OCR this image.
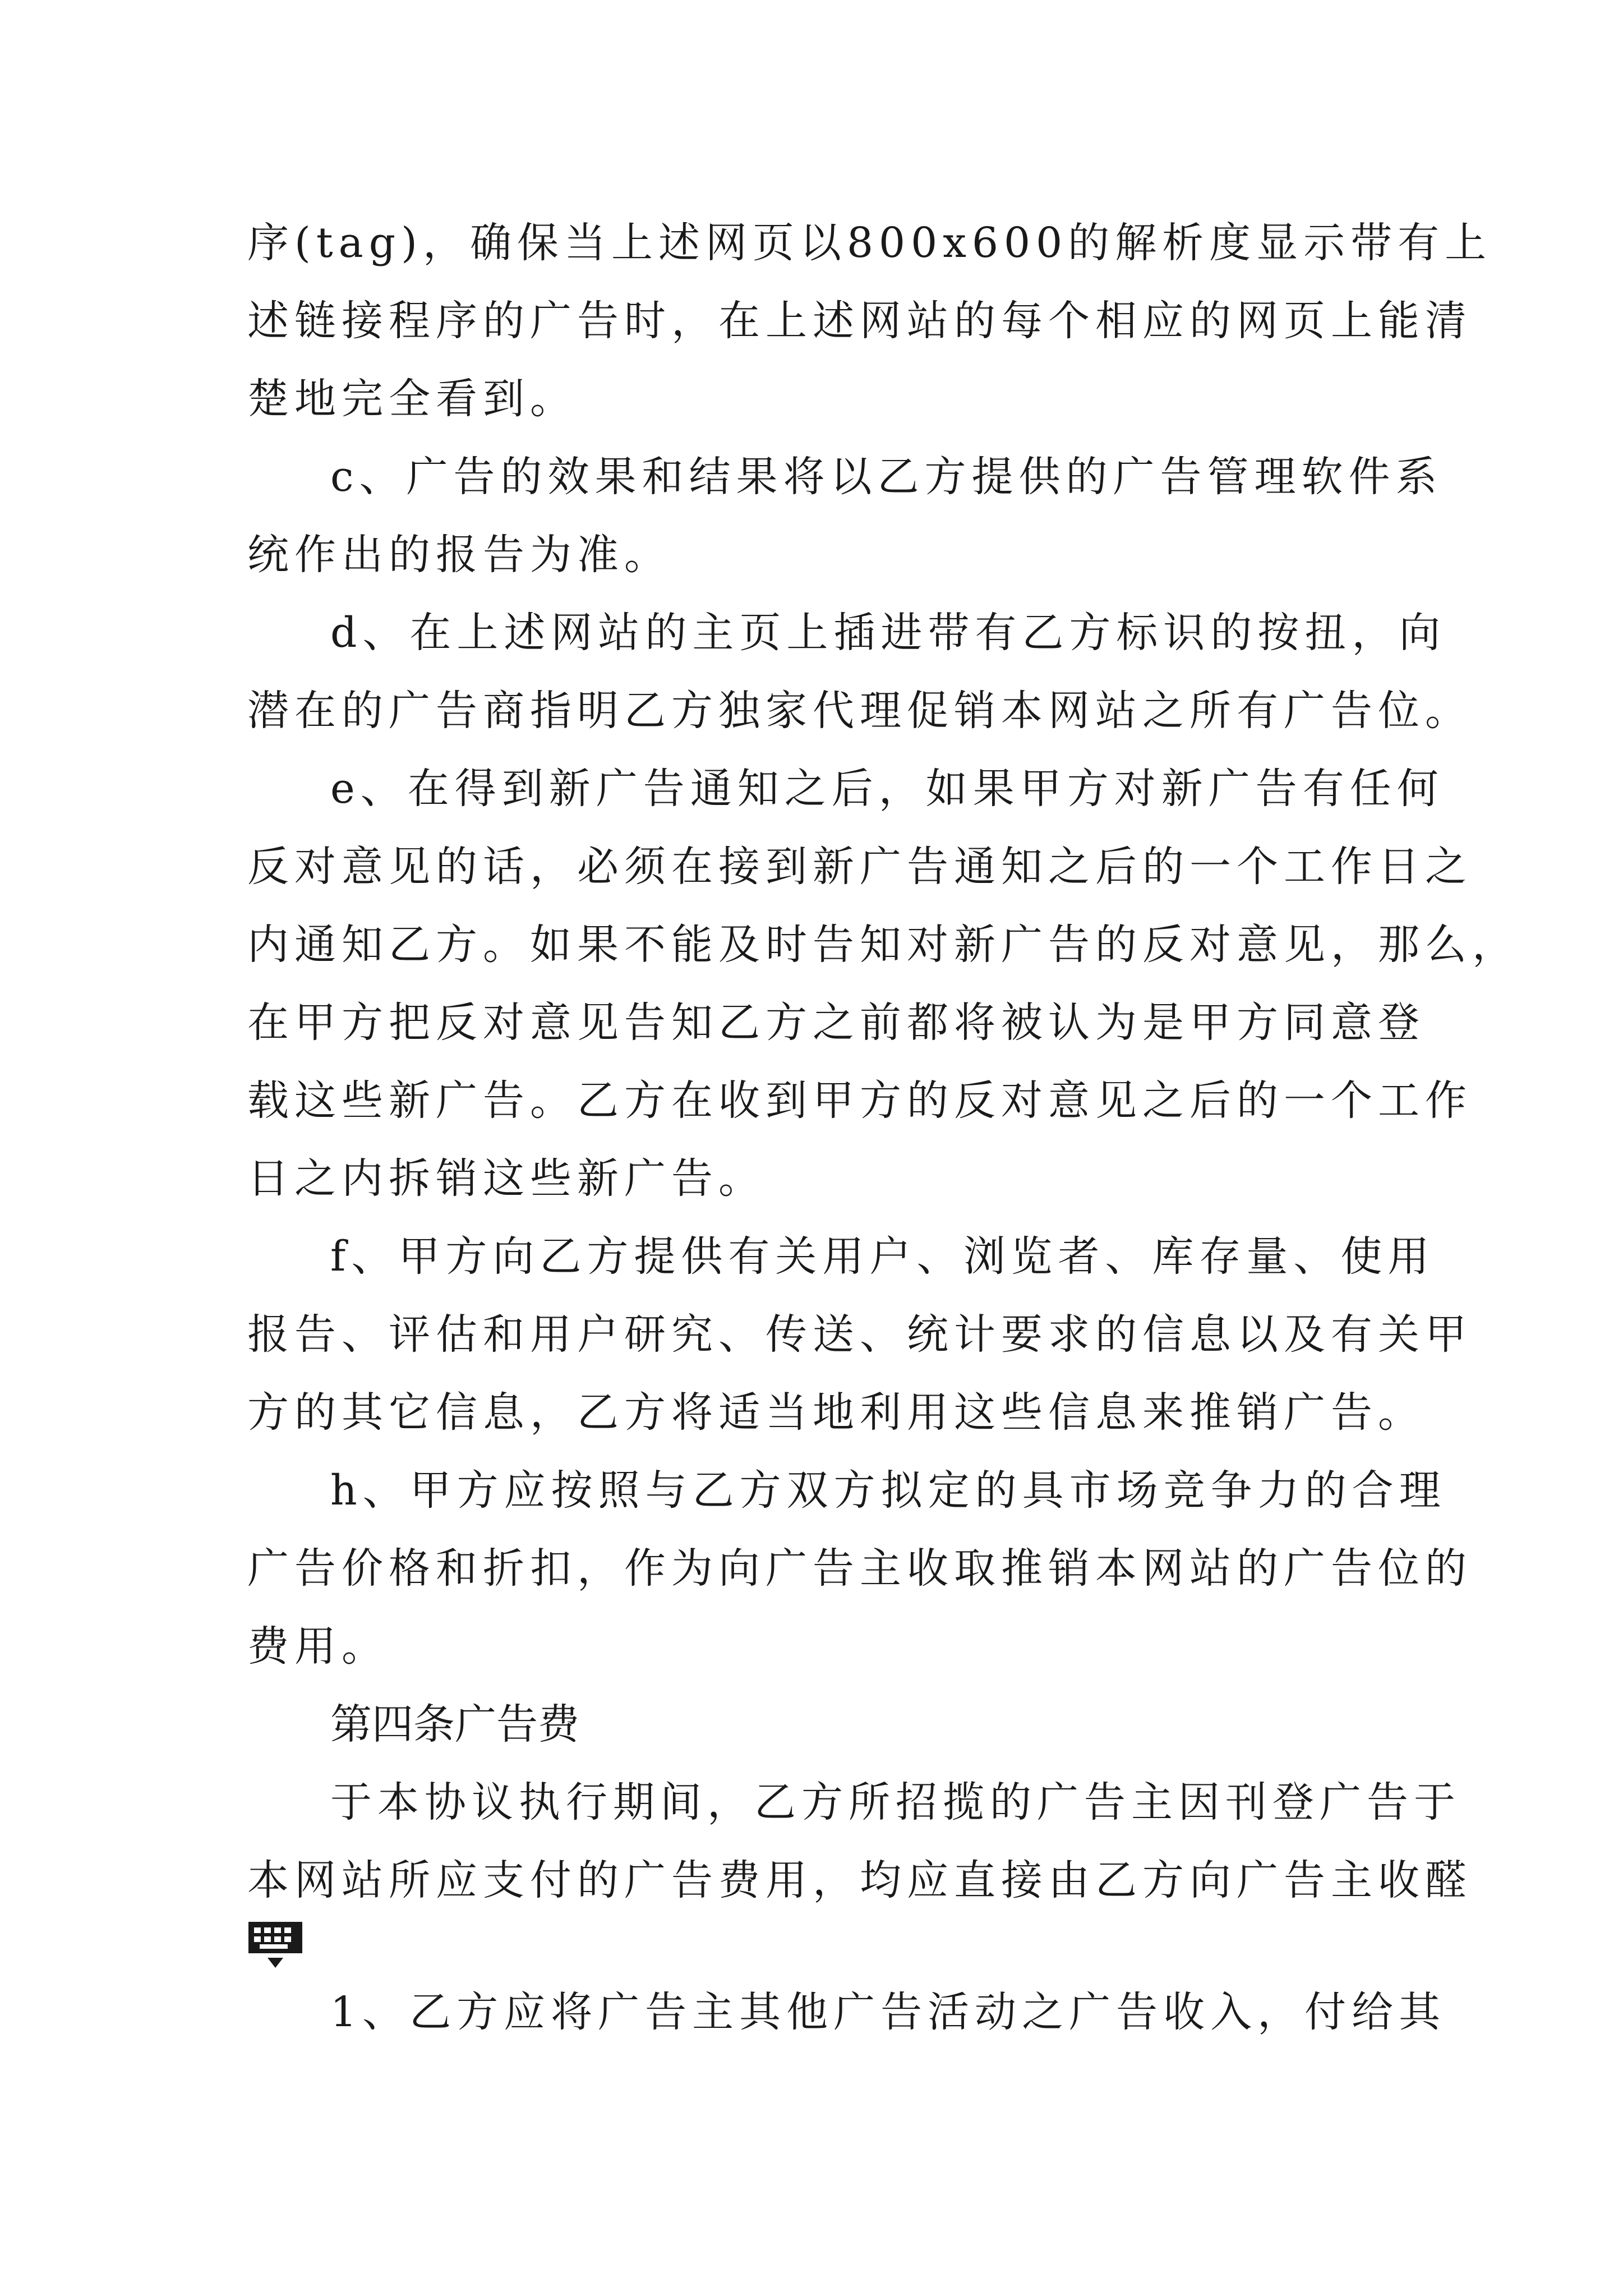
序(tag)，确保当上述网页以800x600的解析度显示带有上
述链接程序的广告时，在上述网站的每个相应的网页上能清
楚地完全看到。
c、广告的效果和结果将以乙方提供的广告管理软件系
统作出的报告为准。
d、在上述网站的主页上插进带有乙方标识的按扭，向
潜在的广告商指明乙方独家代理促销本网站之所有广告位。
e、在得到新广告通知之后，如果甲方对新广告有任何
反对意见的话，必须在接到新广告通知之后的一个工作日之
内通知乙方。如果不能及时告知对新广告的反对意见，那么，
在甲方把反对意见告知乙方之前都将被认为是甲方同意登
载这些新广告。乙方在收到甲方的反对意见之后的一个工作
日之内拆销这些新广告。
f、甲方向乙方提供有关用户、浏览者、库存量、使用
报告、评估和用户研究、传送、统计要求的信息以及有关甲
方的其它信息，乙方将适当地利用这些信息来推销广告。
h、甲方应按照与乙方双方拟定的具市场竞争力的合理
广告价格和折扣，作为向广告主收取推销本网站的广告位的
费用。
第四条广告费
于本协议执行期间，乙方所招揽的广告主因刊登广告于
本网站所应支付的广告费用，均应直接由乙方向广告主收醛
1、乙方应将广告主其他广告活动之广告收入，付给其
